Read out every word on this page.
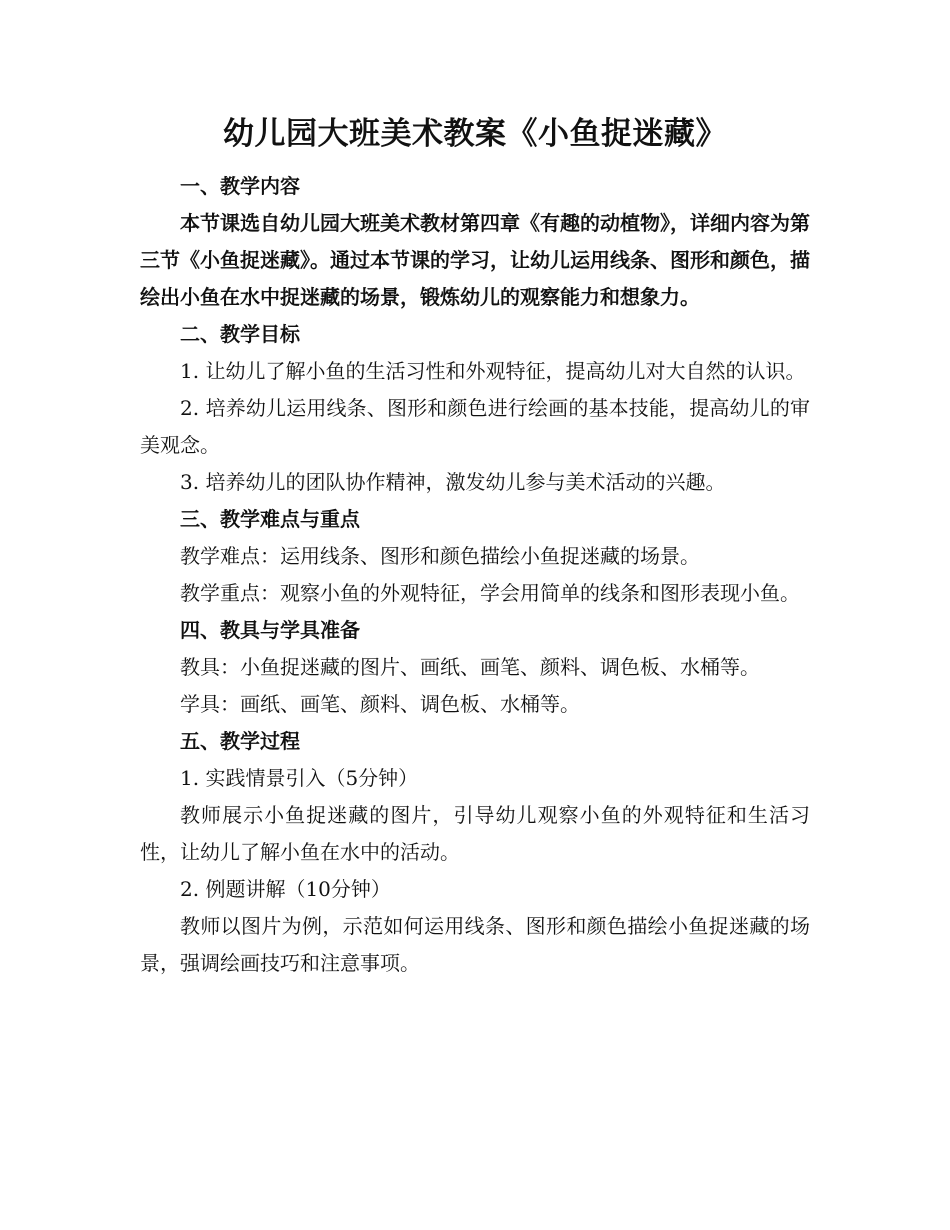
幼儿园大班美术教案《小鱼捉迷藏》

一、教学内容

本节课选自幼儿园大班美术教材第四章《有趣的动植物》，详细内容为第三节《小鱼捉迷藏》。通过本节课的学习，让幼儿运用线条、图形和颜色，描绘出小鱼在水中捉迷藏的场景，锻炼幼儿的观察能力和想象力。

二、教学目标

1. 让幼儿了解小鱼的生活习性和外观特征，提高幼儿对大自然的认识。

2. 培养幼儿运用线条、图形和颜色进行绘画的基本技能，提高幼儿的审美观念。

3. 培养幼儿的团队协作精神，激发幼儿参与美术活动的兴趣。

三、教学难点与重点

教学难点：运用线条、图形和颜色描绘小鱼捉迷藏的场景。

教学重点：观察小鱼的外观特征，学会用简单的线条和图形表现小鱼。

四、教具与学具准备

教具：小鱼捉迷藏的图片、画纸、画笔、颜料、调色板、水桶等。

学具：画纸、画笔、颜料、调色板、水桶等。

五、教学过程

1. 实践情景引入（5分钟）

教师展示小鱼捉迷藏的图片，引导幼儿观察小鱼的外观特征和生活习性，让幼儿了解小鱼在水中的活动。

2. 例题讲解（10分钟）

教师以图片为例，示范如何运用线条、图形和颜色描绘小鱼捉迷藏的场景，强调绘画技巧和注意事项。
